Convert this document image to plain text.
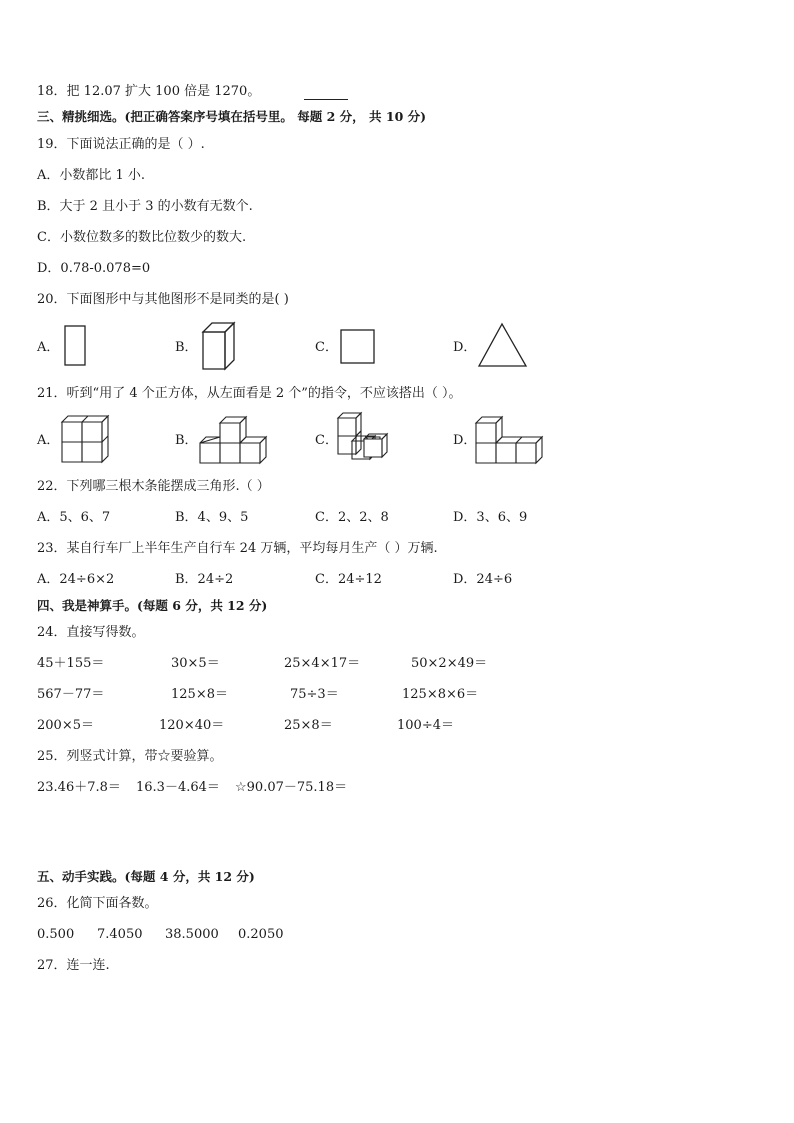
18．把 12.07 扩大 100 倍是 1270。
三、精挑细选。(把正确答案序号填在括号里。 每题 2 分， 共 10 分)
19．下面说法正确的是（ ）.
A．小数都比 1 小.
B．大于 2 且小于 3 的小数有无数个.
C．小数位数多的数比位数少的数大.
D．0.78-0.078=0
20．下面图形中与其他图形不是同类的是( )
A．	B．	C．	D．
21．听到“用了 4 个正方体，从左面看是 2 个”的指令，不应该搭出（ ）。
A．	B．	C．	D．
22．下列哪三根木条能摆成三角形.（ ）
A．5、6、7	B．4、9、5	C．2、2、8	D．3、6、9
23．某自行车厂上半年生产自行车 24 万辆，平均每月生产（ ）万辆.
A．24÷6×2	B．24÷2	C．24÷12	D．24÷6
四、我是神算手。(每题 6 分，共 12 分)
24．直接写得数。
45＋155＝	30×5＝	25×4×17＝	50×2×49＝
567－77＝	125×8＝	75÷3＝	125×8×6＝
200×5＝	120×40＝	25×8＝	100÷4＝
25．列竖式计算，带☆要验算。
23.46＋7.8＝ 16.3－4.64＝ ☆90.07－75.18＝
五、动手实践。(每题 4 分，共 12 分)
26．化简下面各数。
0.500 7.4050 38.5000 0.2050
27．连一连.
